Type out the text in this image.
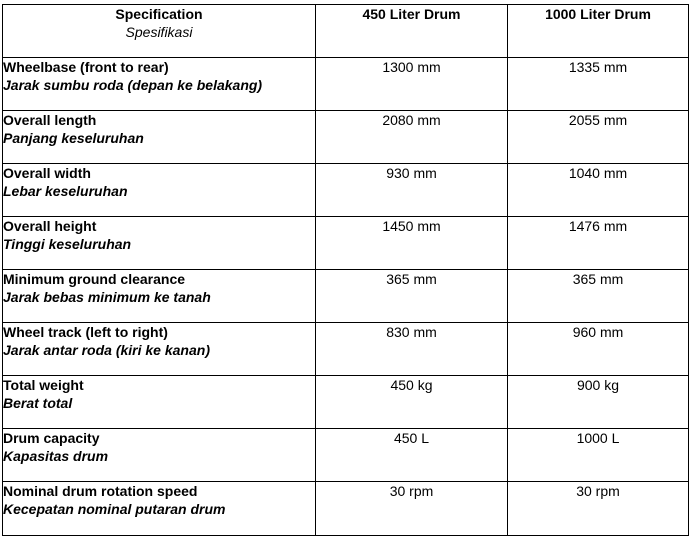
Specification
Spesifikasi	450 Liter Drum	1000 Liter Drum

Wheelbase (front to rear)
Jarak sumbu roda (depan ke belakang)	1300 mm	1335 mm

Overall length
Panjang keseluruhan	2080 mm	2055 mm

Overall width
Lebar keseluruhan	930 mm	1040 mm

Overall height
Tinggi keseluruhan	1450 mm	1476 mm

Minimum ground clearance
Jarak bebas minimum ke tanah	365 mm	365 mm

Wheel track (left to right)
Jarak antar roda (kiri ke kanan)	830 mm	960 mm

Total weight
Berat total	450 kg	900 kg

Drum capacity
Kapasitas drum	450 L	1000 L

Nominal drum rotation speed
Kecepatan nominal putaran drum	30 rpm	30 rpm
